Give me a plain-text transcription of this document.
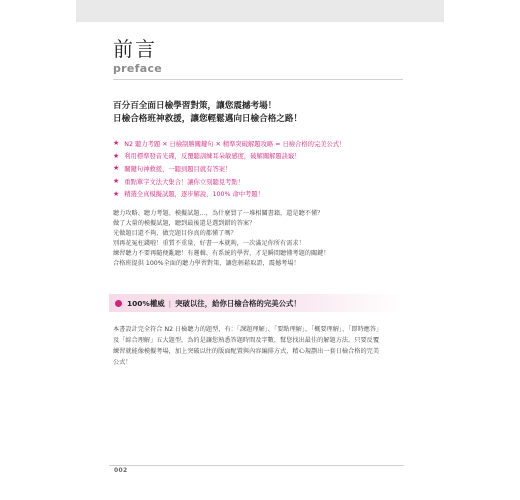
前言
preface
百分百全面日檢學習對策，讓您震撼考場！
日檢合格班神救援，讓您輕鬆邁向日檢合格之路！
★ N2 聽力考題 ✕ 日檢制勝關鍵句 ✕ 精準突破解題攻略 = 日檢合格的完美公式！
★ 利用標準發音光碟，反覆聽訓練耳朵敏感度，破解關解題訣竅！
★ 關鍵句神救援，一聽到題目就有答案！
★ 重點單字文法大集合！讓你立刻聽見考點！
★ 精選全真模擬試題，逐步解說，100% 命中考題！
聽力攻略、聽力考題、模擬試題…，為什麼買了一堆相關書籍，還是聽不懂？
做了大量的模擬試題，聽到最後還是選到錯的答案？
光做題目還不夠，做完題目你真的都懂了嗎？
別再花冤枉錢啦！重質不重量，好書一本就夠，一次滿足你所有需求！
練習聽力不要再隨便亂聽！有邏輯、有系統的學習，才是瞬間聽懂考題的關鍵！
合格班提供 100%全面的聽力學習對策，讓您輕鬆取證，震撼考場！
100%權威 | 突破以往，給你日檢合格的完美公式！
本書設計完全符合 N2 日檢聽力的題型，有：「課題理解」、「要點理解」、「概要理解」、「即時應答」
及「綜合理解」五大題型，為的是讓您熟悉答題時間及字數，幫您找出最佳的解題方法。只要反覆
練習就能像模擬考場，加上突破以往的版面配置與內容編排方式，精心規劃出一套日檢合格的完美
公式！
002
